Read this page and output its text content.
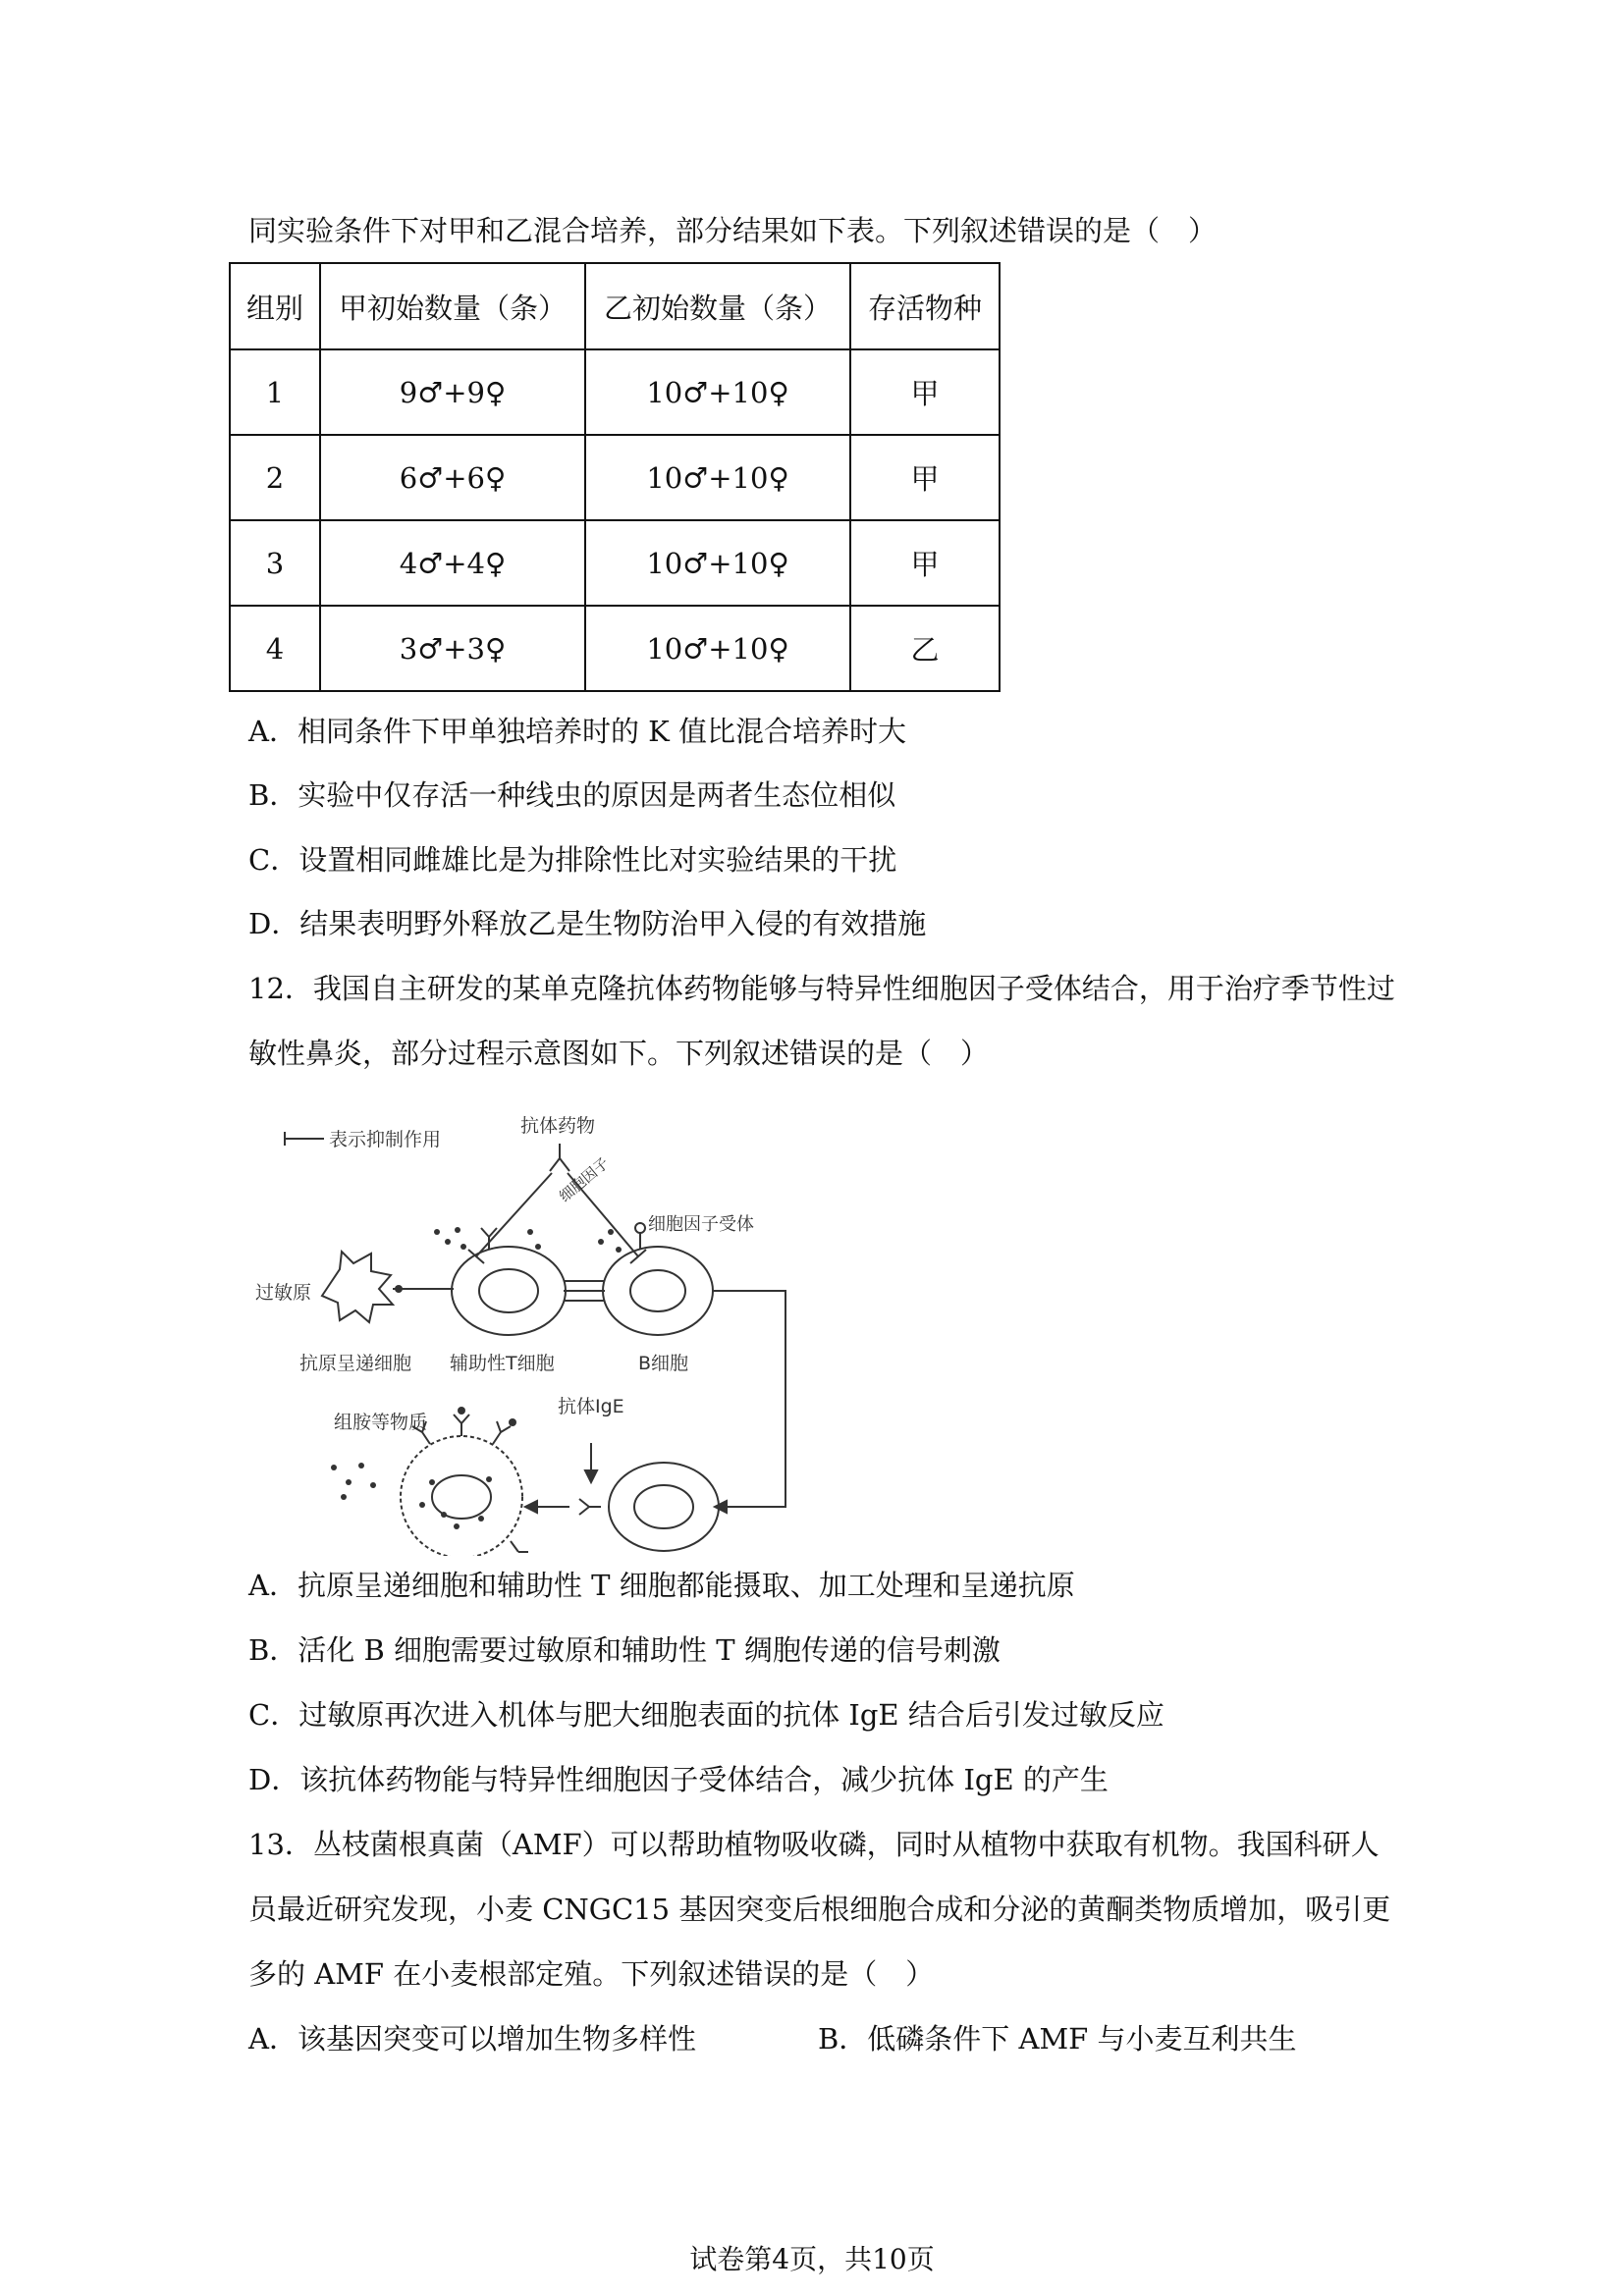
同实验条件下对甲和乙混合培养，部分结果如下表。下列叙述错误的是（　）
组别	甲初始数量（条）	乙初始数量（条）	存活物种
1	9♂+9♀	10♂+10♀	甲
2	6♂+6♀	10♂+10♀	甲
3	4♂+4♀	10♂+10♀	甲
4	3♂+3♀	10♂+10♀	乙
A．相同条件下甲单独培养时的 K 值比混合培养时大
B．实验中仅存活一种线虫的原因是两者生态位相似
C．设置相同雌雄比是为排除性比对实验结果的干扰
D．结果表明野外释放乙是生物防治甲入侵的有效措施
12．我国自主研发的某单克隆抗体药物能够与特异性细胞因子受体结合，用于治疗季节性过
敏性鼻炎，部分过程示意图如下。下列叙述错误的是（　）
表示抑制作用
抗体药物
细胞因子
细胞因子受体
过敏原
抗原呈递细胞 辅助性T细胞	B细胞
组胺等物质
抗体IgE
A．抗原呈递细胞和辅助性 T 细胞都能摄取、加工处理和呈递抗原
B．活化 B 细胞需要过敏原和辅助性 T 绸胞传递的信号刺激
C．过敏原再次进入机体与肥大细胞表面的抗体 IgE 结合后引发过敏反应
D．该抗体药物能与特异性细胞因子受体结合，减少抗体 IgE 的产生
13．丛枝菌根真菌（AMF）可以帮助植物吸收磷，同时从植物中获取有机物。我国科研人
员最近研究发现，小麦 CNGC15 基因突变后根细胞合成和分泌的黄酮类物质增加，吸引更
多的 AMF 在小麦根部定殖。下列叙述错误的是（　）
A．该基因突变可以增加生物多样性	B．低磷条件下 AMF 与小麦互利共生
试卷第4页，共10页
